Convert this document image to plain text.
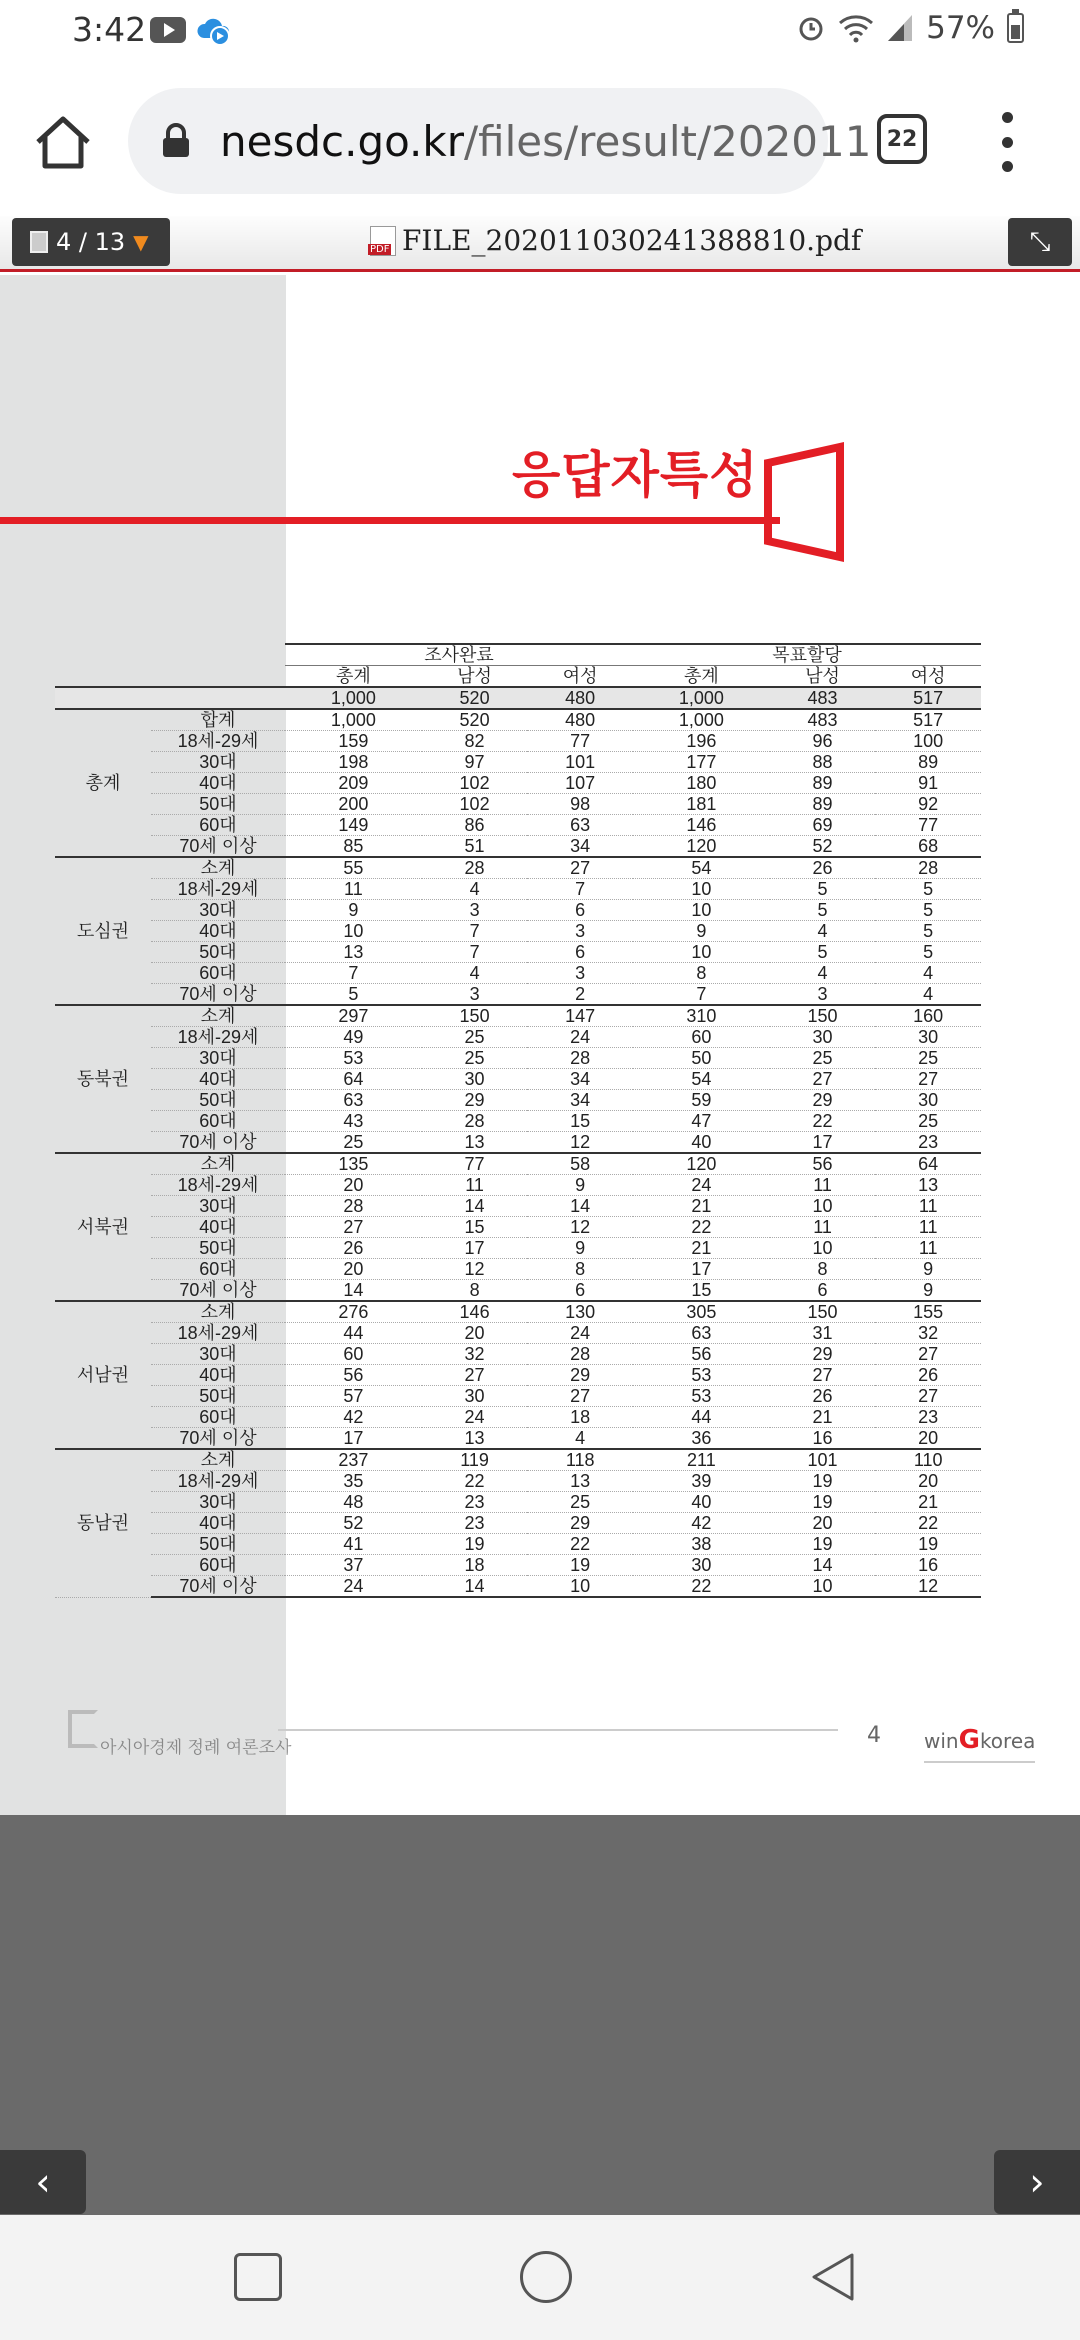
3:42	57%
nesdc.go.kr /files/result/202011 22
4 / 13 ▼ PDF	FILE_202011030241388810.pdf	⤡
응답자특성
		조사완료			목표할당		
		총계	남성	여성	총계	남성	여성
		1,000	520	480	1,000	483	517
총계	합계	1,000	520	480	1,000	483	517
	18세-29세	159	82	77	196	96	100
	30대	198	97	101	177	88	89
	40대	209	102	107	180	89	91
	50대	200	102	98	181	89	92
	60대	149	86	63	146	69	77
	70세 이상	85	51	34	120	52	68
도심권	소계	55	28	27	54	26	28
	18세-29세	11	4	7	10	5	5
	30대	9	3	6	10	5	5
	40대	10	7	3	9	4	5
	50대	13	7	6	10	5	5
	60대	7	4	3	8	4	4
	70세 이상	5	3	2	7	3	4
동북권	소계	297	150	147	310	150	160
	18세-29세	49	25	24	60	30	30
	30대	53	25	28	50	25	25
	40대	64	30	34	54	27	27
	50대	63	29	34	59	29	30
	60대	43	28	15	47	22	25
	70세 이상	25	13	12	40	17	23
서북권	소계	135	77	58	120	56	64
	18세-29세	20	11	9	24	11	13
	30대	28	14	14	21	10	11
	40대	27	15	12	22	11	11
	50대	26	17	9	21	10	11
	60대	20	12	8	17	8	9
	70세 이상	14	8	6	15	6	9
서남권	소계	276	146	130	305	150	155
	18세-29세	44	20	24	63	31	32
	30대	60	32	28	56	29	27
	40대	56	27	29	53	27	26
	50대	57	30	27	53	26	27
	60대	42	24	18	44	21	23
	70세 이상	17	13	4	36	16	20
동남권	소계	237	119	118	211	101	110
	18세-29세	35	22	13	39	19	20
	30대	48	23	25	40	19	21
	40대	52	23	29	42	20	22
	50대	41	19	22	38	19	19
	60대	37	18	19	30	14	16
	70세 이상	24	14	10	22	10	12
아시아경제 정례 여론조사	4 winGkorea
‹	›
